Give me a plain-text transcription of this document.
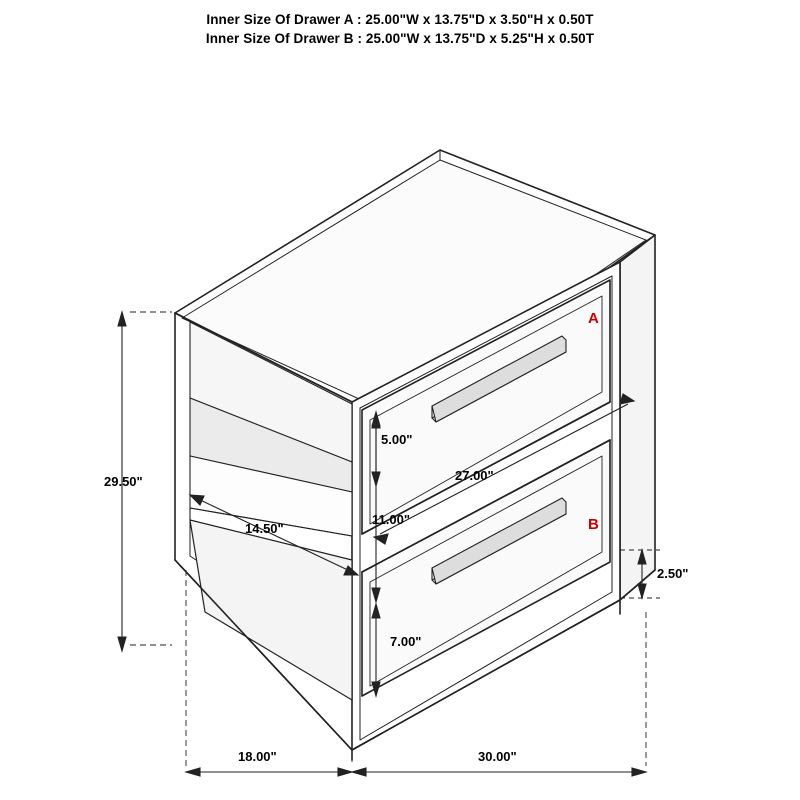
Inner Size Of Drawer A : 25.00"W x 13.75"D x 3.50"H x 0.50T
Inner Size Of Drawer B : 25.00"W x 13.75"D x 5.25"H x 0.50T
29.50"
14.50"
5.00"
11.00"
7.00"
27.00"
2.50"
18.00"	30.00"
A
B
